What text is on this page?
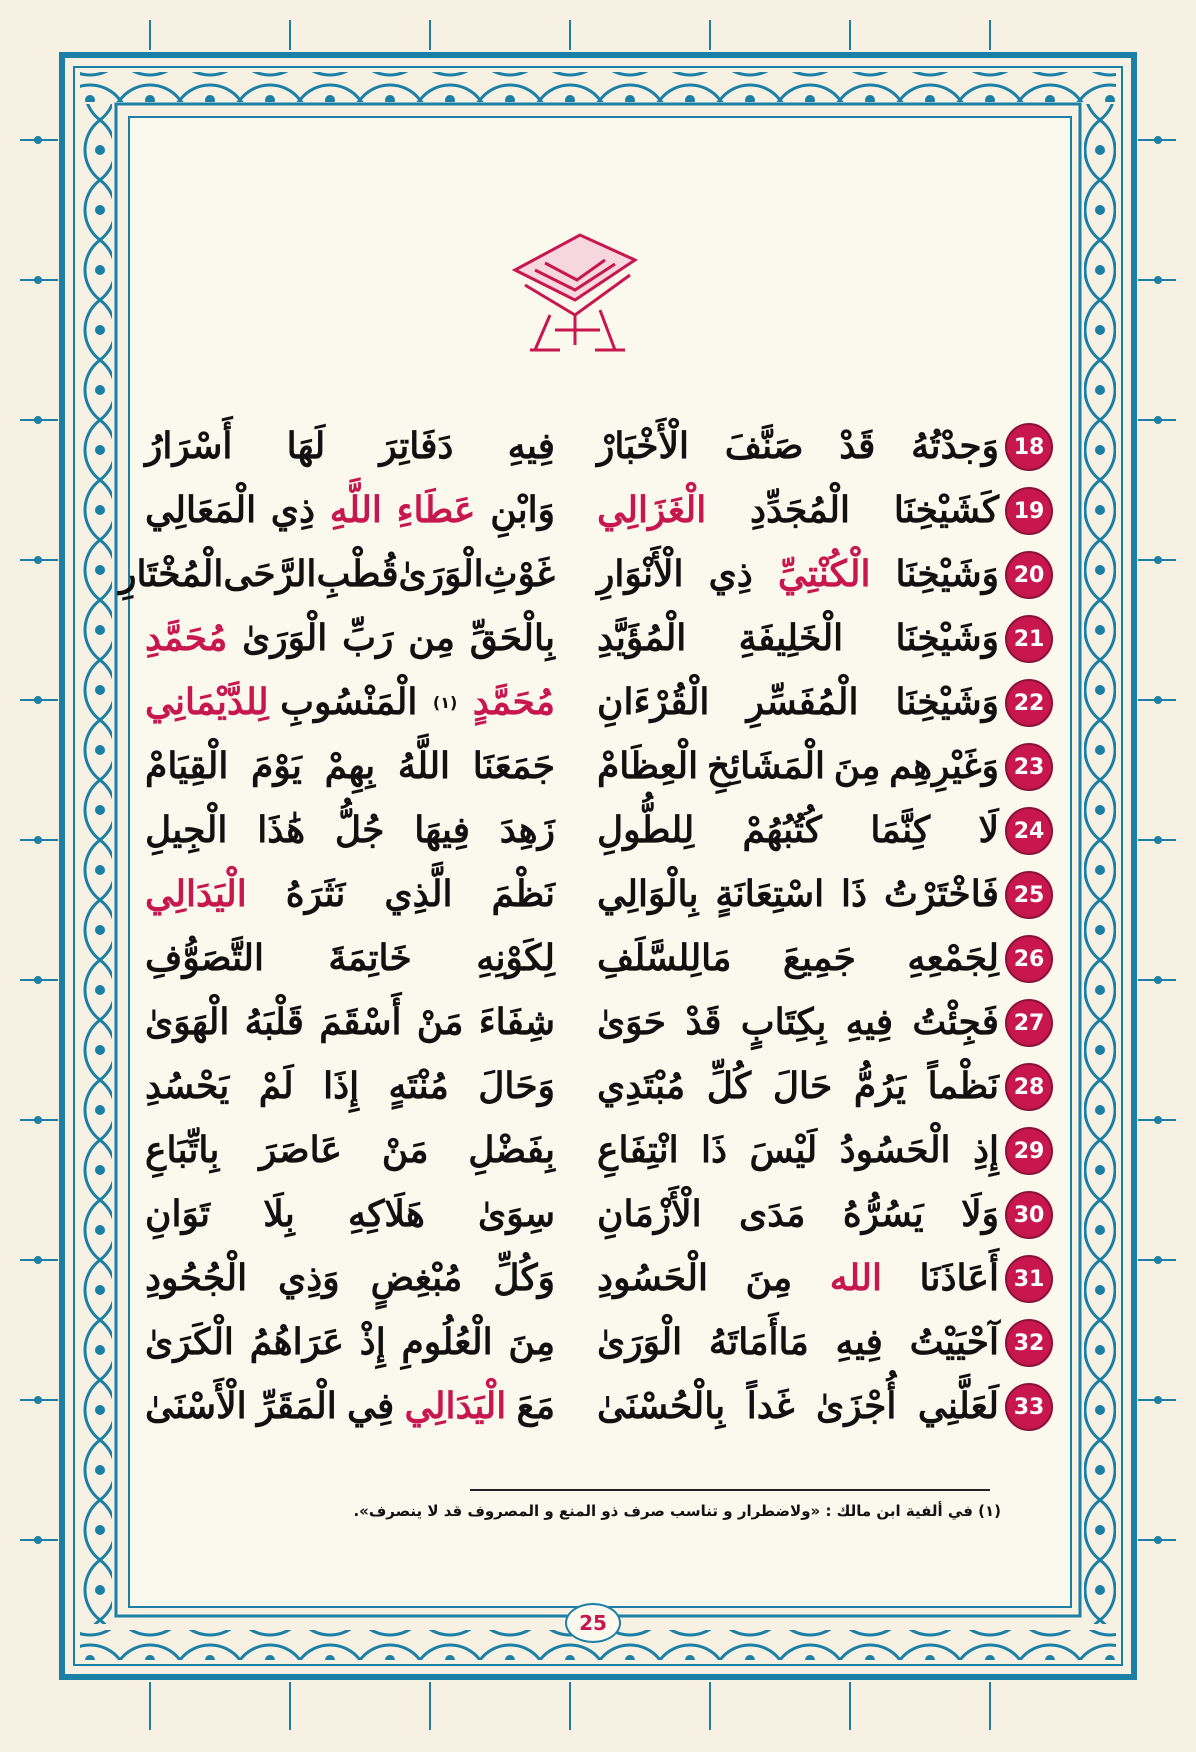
18
وَجدْتُهُ
قَدْ
صَنَّفَ
الْأَخْبَارْ
فِيهِ
دَفَاتِرَ
لَهَا
أَسْرَارُ
19
كَشَيْخِنَا
الْمُجَدِّدِ
الْغَزَالِي
وَابْنِ
عَطَاءِ
اللَّهِ
ذِي
الْمَعَالِي
20
وَشَيْخِنَا
الْكُنْتِيِّ
ذِي
الْأَنْوَارِ
غَوْثِ
الْوَرَىٰ
قُطْبِ
الرَّحَى
الْمُخْتَارِ
21
وَشَيْخِنَا
الْخَلِيفَةِ
الْمُؤَيَّدِ
بِالْحَقِّ
مِن
رَبِّ
الْوَرَىٰ
مُحَمَّدِ
22
وَشَيْخِنَا
الْمُفَسِّرِ
الْقُرْءَانِ
مُحَمَّدٍ
(١)
الْمَنْسُوبِ
لِلدَّيْمَانِي
23
وَغَيْرِهِم
مِنَ
الْمَشَائِخِ
الْعِظَامْ
جَمَعَنَا
اللَّهُ
بِهِمْ
يَوْمَ
الْقِيَامْ
24
لَا
كِنَّمَا
كُتُبُهُمْ
لِلطُّولِ
زَهِدَ
فِيهَا
جُلُّ
هَٰذَا
الْجِيلِ
25
فَاخْتَرْتُ
ذَا
اسْتِعَانَةٍ
بِالْوَالِي
نَظْمَ
الَّذِي
نَثَرَهُ
الْيَدَالِي
26
لِجَمْعِهِ
جَمِيعَ
مَالِلسَّلَفِ
لِكَوْنِهِ
خَاتِمَةَ
التَّصَوُّفِ
27
فَجِئْتُ
فِيهِ
بِكِتَابٍ
قَدْ
حَوَىٰ
شِفَاءَ
مَنْ
أَسْقَمَ
قَلْبَهُ
الْهَوَىٰ
28
نَظْماً
يَرُمُّ
حَالَ
كُلِّ
مُبْتَدِي
وَحَالَ
مُنْتَهٍ
إِذَا
لَمْ
يَحْسُدِ
29
إِذِ
الْحَسُودُ
لَيْسَ
ذَا
انْتِفَاعِ
بِفَضْلِ
مَنْ
عَاصَرَ
بِاتِّبَاعِ
30
وَلَا
يَسُرُّهُ
مَدَى
الْأَزْمَانِ
سِوَىٰ
هَلَاكِهِ
بِلَا
تَوَانِ
31
أَعَاذَنَا
الله
مِنَ
الْحَسُودِ
وَكُلِّ
مُبْغِضٍ
وَذِي
الْجُحُودِ
32
آحْيَيْتُ
فِيهِ
مَاأَمَاتَهُ
الْوَرَىٰ
مِنَ
الْعُلُومِ
إِذْ
عَرَاهُمُ
الْكَرَىٰ
33
لَعَلَّنِي
أُجْزَىٰ
غَداً
بِالْحُسْنَىٰ
مَعَ
الْيَدَالِي
فِي
الْمَقَرِّ
الْأَسْنَىٰ
(١) في ألفية ابن مالك : «ولاضطرار و تناسب صرف ذو المنع و المصروف قد لا ينصرف».
25
